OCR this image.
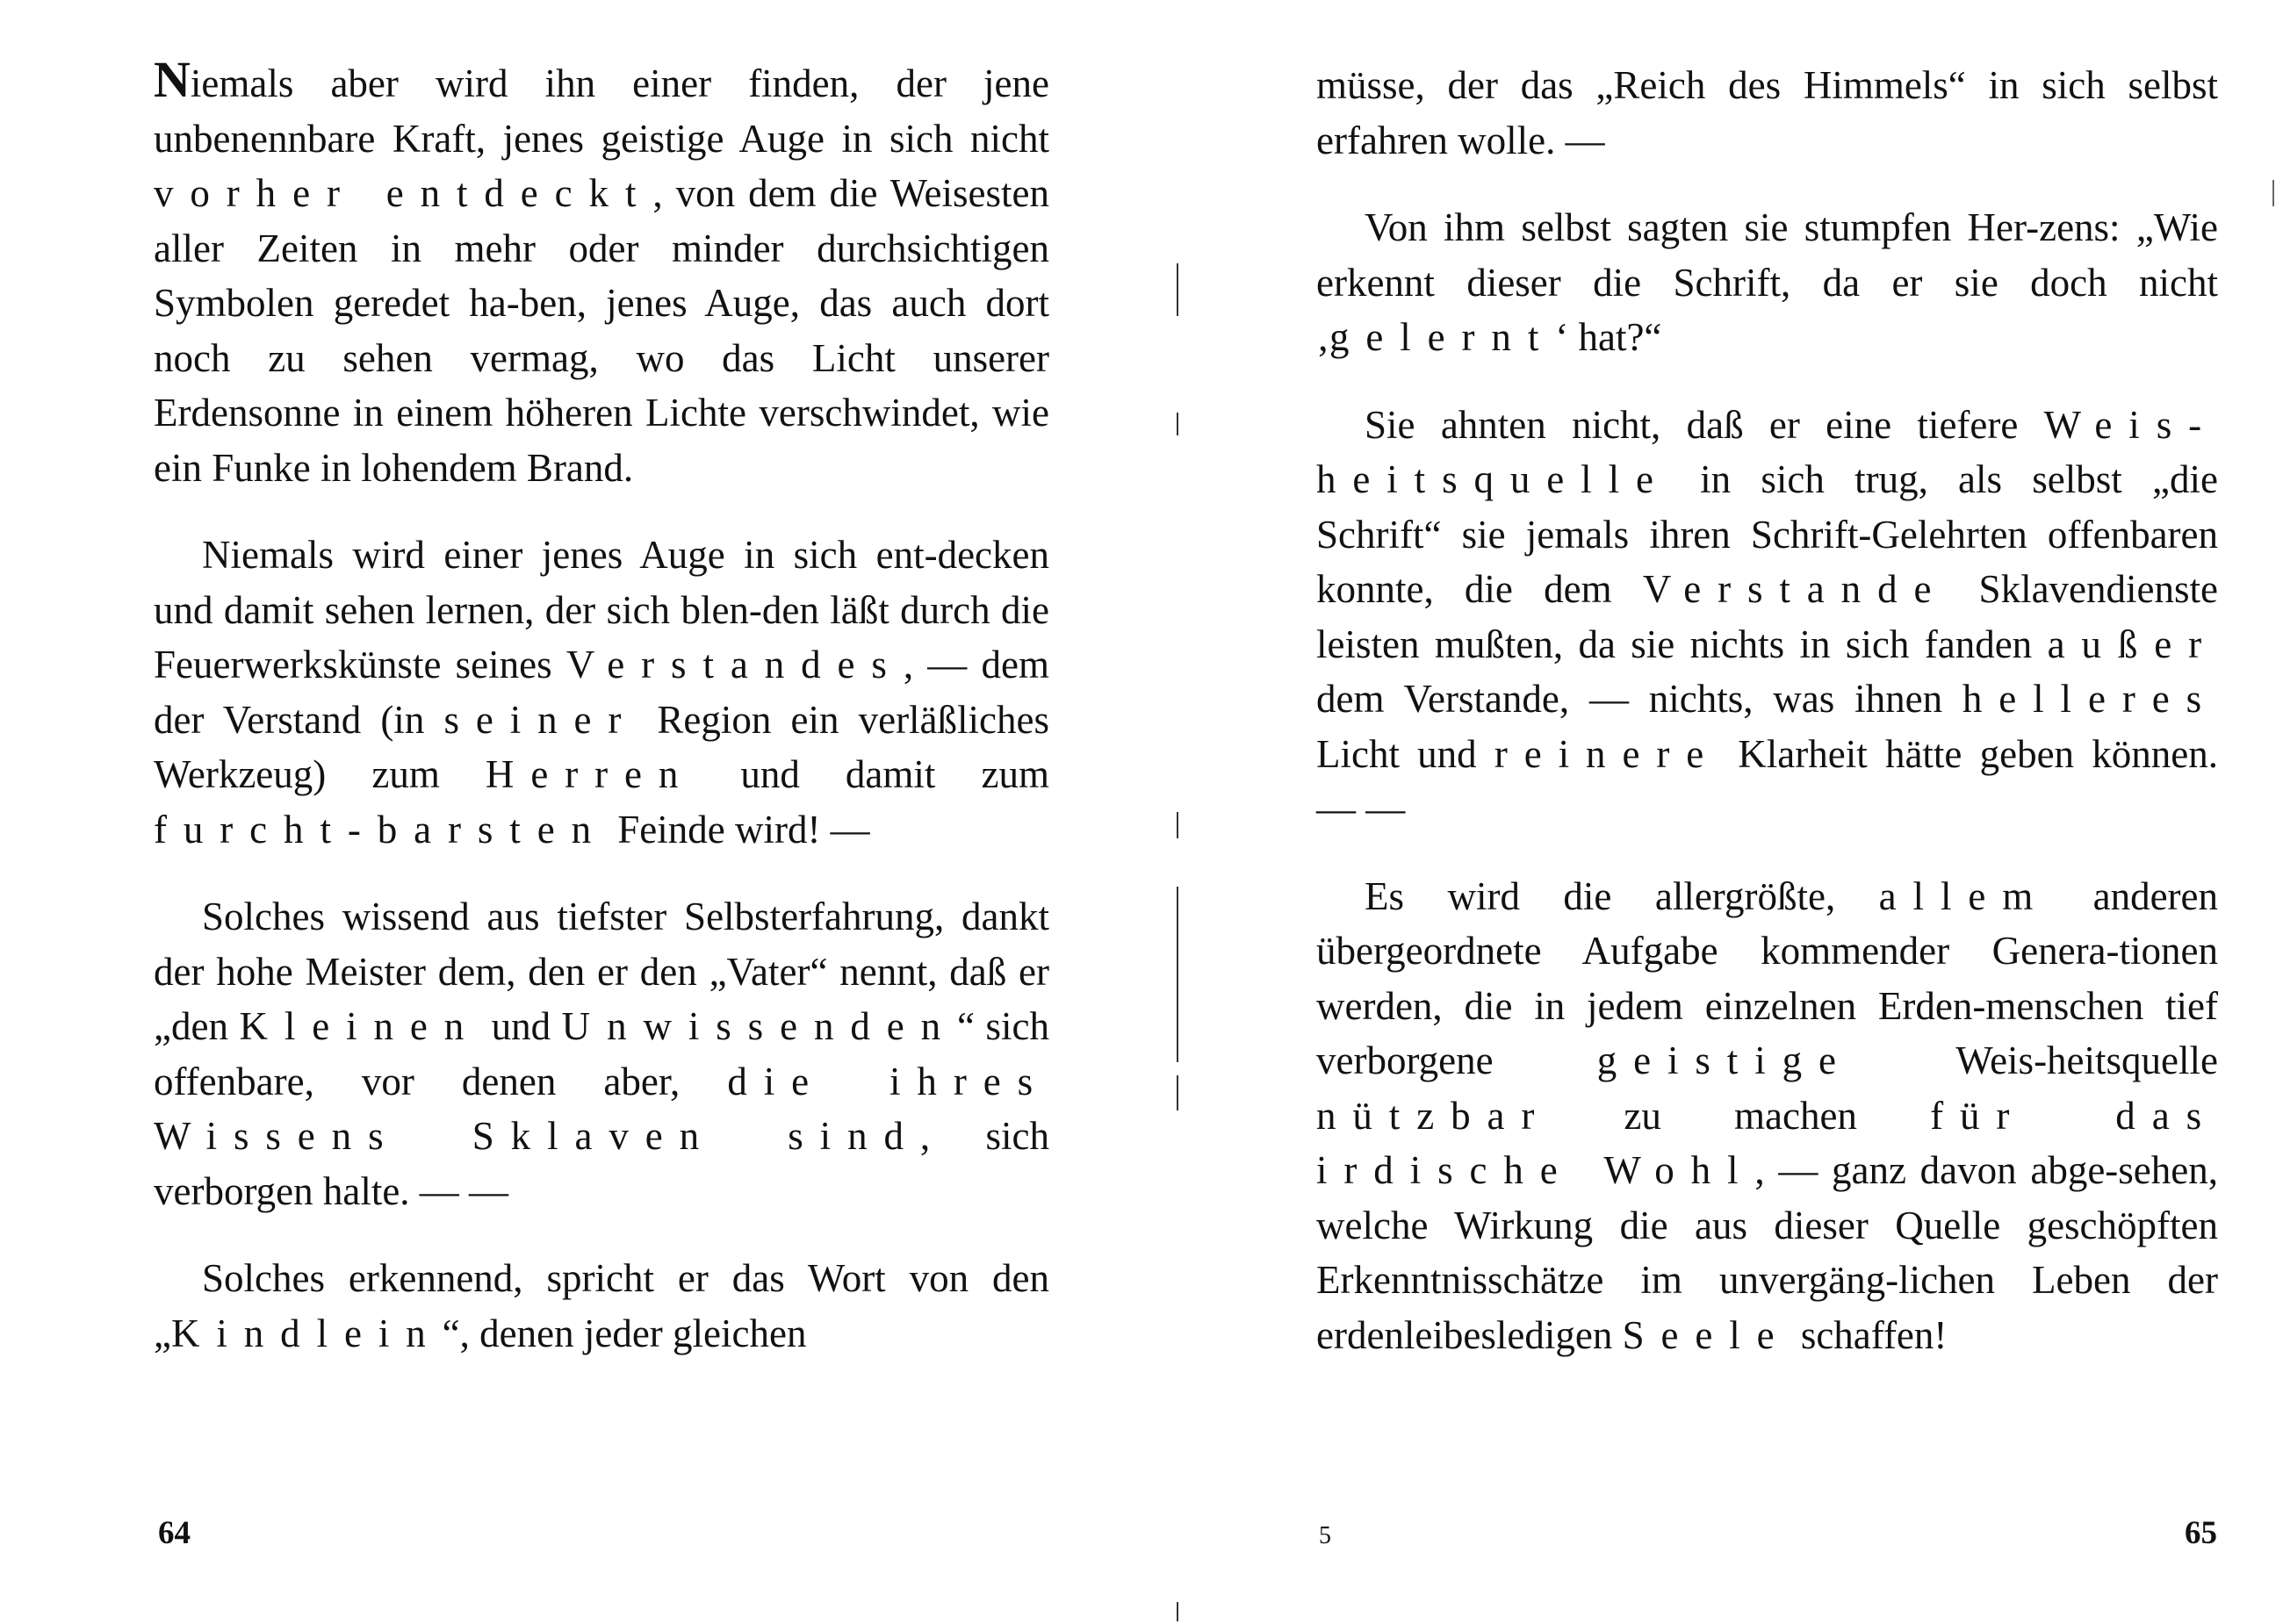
Niemals aber wird ihn einer finden, der jene unbenennbare Kraft, jenes geistige Auge in sich nicht vorher entdeckt, von dem die Weisesten aller Zeiten in mehr oder minder durchsichtigen Symbolen geredet ha-ben, jenes Auge, das auch dort noch zu sehen vermag, wo das Licht unserer Erdensonne in einem höheren Lichte verschwindet, wie ein Funke in lohendem Brand.

Niemals wird einer jenes Auge in sich ent-decken und damit sehen lernen, der sich blen-den läßt durch die Feuerwerkskünste seines Verstandes, — dem der Verstand (in seiner Region ein verläßliches Werkzeug) zum Herren und damit zum furcht-barsten Feinde wird! —

Solches wissend aus tiefster Selbsterfahrung, dankt der hohe Meister dem, den er den „Vater“ nennt, daß er „den Kleinen und Unwissenden“ sich offenbare, vor denen aber, die ihres Wissens Sklaven sind, sich verborgen halte. — —

Solches erkennend, spricht er das Wort von den „Kindlein“, denen jeder gleichen

64

müsse, der das „Reich des Himmels“ in sich selbst erfahren wolle. —

Von ihm selbst sagten sie stumpfen Her-zens: „Wie erkennt dieser die Schrift, da er sie doch nicht ‚gelernt‘ hat?“

Sie ahnten nicht, daß er eine tiefere Weis-heitsquelle in sich trug, als selbst „die Schrift“ sie jemals ihren Schrift-Gelehrten offenbaren konnte, die dem Verstande Sklavendienste leisten mußten, da sie nichts in sich fanden außer dem Verstande, — nichts, was ihnen helleres Licht und reinere Klarheit hätte geben können. — —

Es wird die allergrößte, allem anderen übergeordnete Aufgabe kommender Genera-tionen werden, die in jedem einzelnen Erden-menschen tief verborgene geistige Weis-heitsquelle nützbar zu machen für das irdische Wohl, — ganz davon abge-sehen, welche Wirkung die aus dieser Quelle geschöpften Erkenntnisschätze im unvergäng-lichen Leben der erdenleibesledigen Seele schaffen!

5	65
